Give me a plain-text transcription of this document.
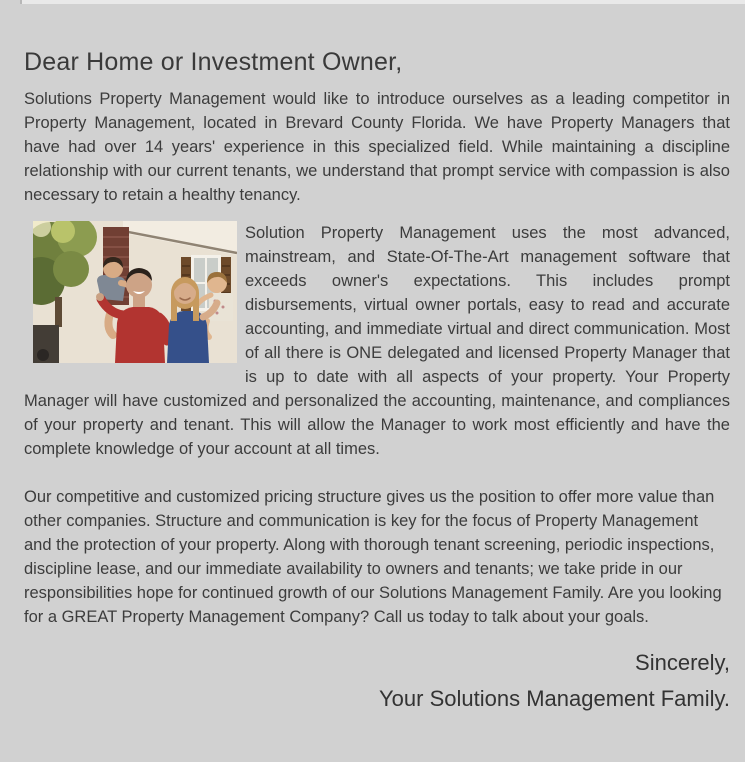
Dear Home or Investment Owner,

Solutions Property Management would like to introduce ourselves as a leading competitor in Property Management, located in Brevard County Florida. We have Property Managers that have had over 14 years' experience in this specialized field. While maintaining a discipline relationship with our current tenants, we understand that prompt service with compassion is also necessary to retain a healthy tenancy.

Solution Property Management uses the most advanced, mainstream, and State-Of-The-Art management software that exceeds owner's expectations. This includes prompt disbursements, virtual owner portals, easy to read and accurate accounting, and immediate virtual and direct communication. Most of all there is ONE delegated and licensed Property Manager that is up to date with all aspects of your property. Your Property Manager will have customized and personalized the accounting, maintenance, and compliances of your property and tenant. This will allow the Manager to work most efficiently and have the complete knowledge of your account at all times.

Our competitive and customized pricing structure gives us the position to offer more value than other companies. Structure and communication is key for the focus of Property Management and the protection of your property. Along with thorough tenant screening, periodic inspections, discipline lease, and our immediate availability to owners and tenants; we take pride in our responsibilities hope for continued growth of our Solutions Management Family. Are you looking for a GREAT Property Management Company? Call us today to talk about your goals.

Sincerely,
Your Solutions Management Family.
